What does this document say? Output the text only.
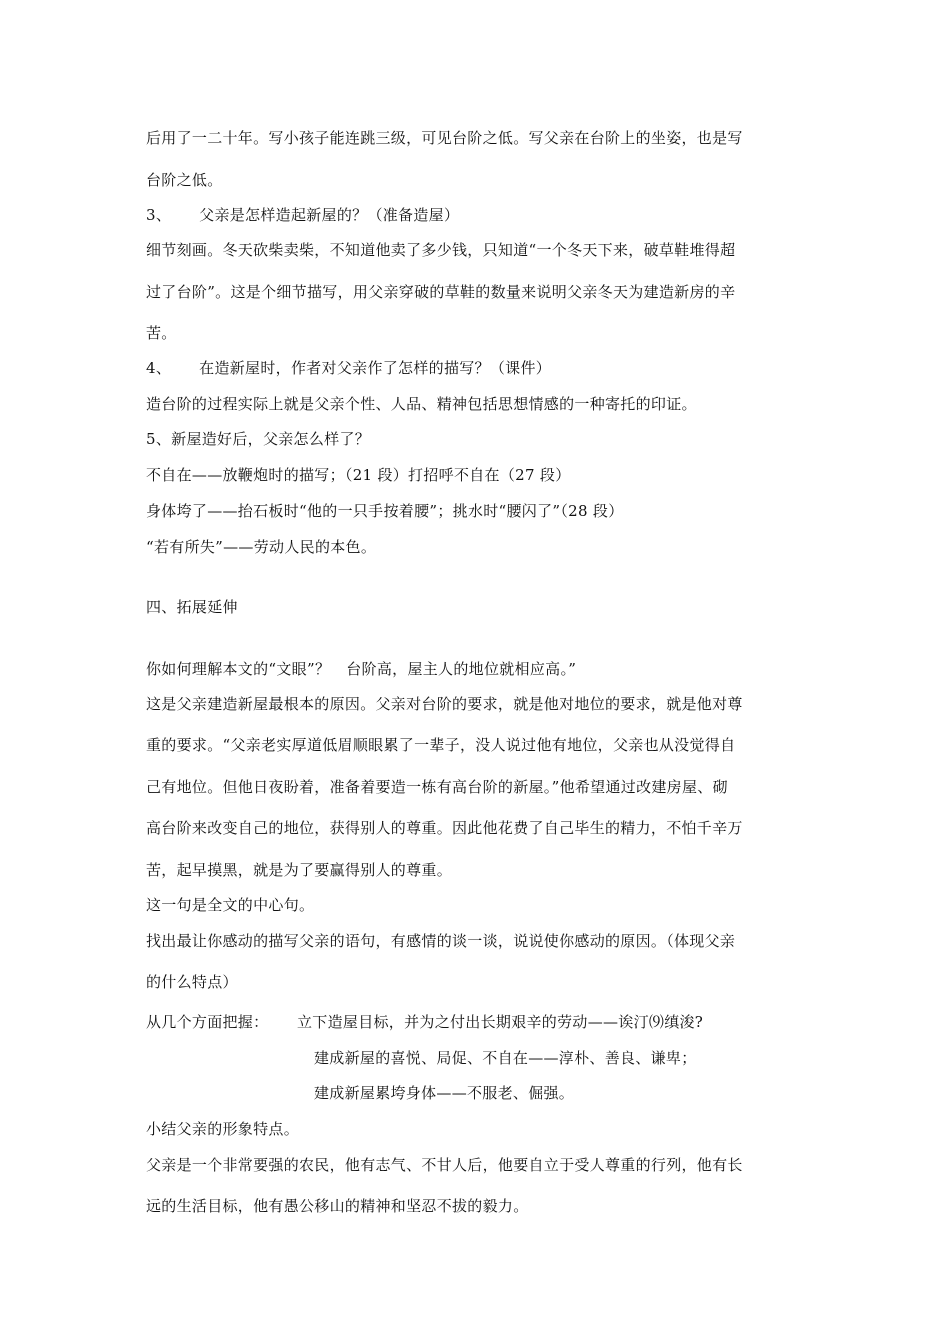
后用了一二十年。写小孩子能连跳三级，可见台阶之低。写父亲在台阶上的坐姿，也是写
台阶之低。
3、 父亲是怎样造起新屋的？（准备造屋）
细节刻画。冬天砍柴卖柴，不知道他卖了多少钱，只知道“一个冬天下来，破草鞋堆得超
过了台阶”。这是个细节描写，用父亲穿破的草鞋的数量来说明父亲冬天为建造新房的辛
苦。
4、 在造新屋时，作者对父亲作了怎样的描写？（课件）
造台阶的过程实际上就是父亲个性、人品、精神包括思想情感的一种寄托的印证。
5、新屋造好后，父亲怎么样了？
不自在——放鞭炮时的描写；（21 段）打招呼不自在（27 段）
身体垮了——抬石板时“他的一只手按着腰”；挑水时“腰闪了”（28 段）
“若有所失”——劳动人民的本色。
四、拓展延伸
你如何理解本文的“文眼”？ 台阶高，屋主人的地位就相应高。”
这是父亲建造新屋最根本的原因。父亲对台阶的要求，就是他对地位的要求，就是他对尊
重的要求。“父亲老实厚道低眉顺眼累了一辈子，没人说过他有地位，父亲也从没觉得自
己有地位。但他日夜盼着，准备着要造一栋有高台阶的新屋。”他希望通过改建房屋、砌
高台阶来改变自己的地位，获得别人的尊重。因此他花费了自己毕生的精力，不怕千辛万
苦，起早摸黑，就是为了要赢得别人的尊重。
这一句是全文的中心句。
找出最让你感动的描写父亲的语句，有感情的谈一谈，说说使你感动的原因。（体现父亲
的什么特点）
从几个方面把握：	立下造屋目标，并为之付出长期艰辛的劳动——诶汀⑼缜浚?
建成新屋的喜悦、局促、不自在——淳朴、善良、谦卑；
建成新屋累垮身体——不服老、倔强。
小结父亲的形象特点。
父亲是一个非常要强的农民，他有志气、不甘人后，他要自立于受人尊重的行列，他有长
远的生活目标，他有愚公移山的精神和坚忍不拔的毅力。
